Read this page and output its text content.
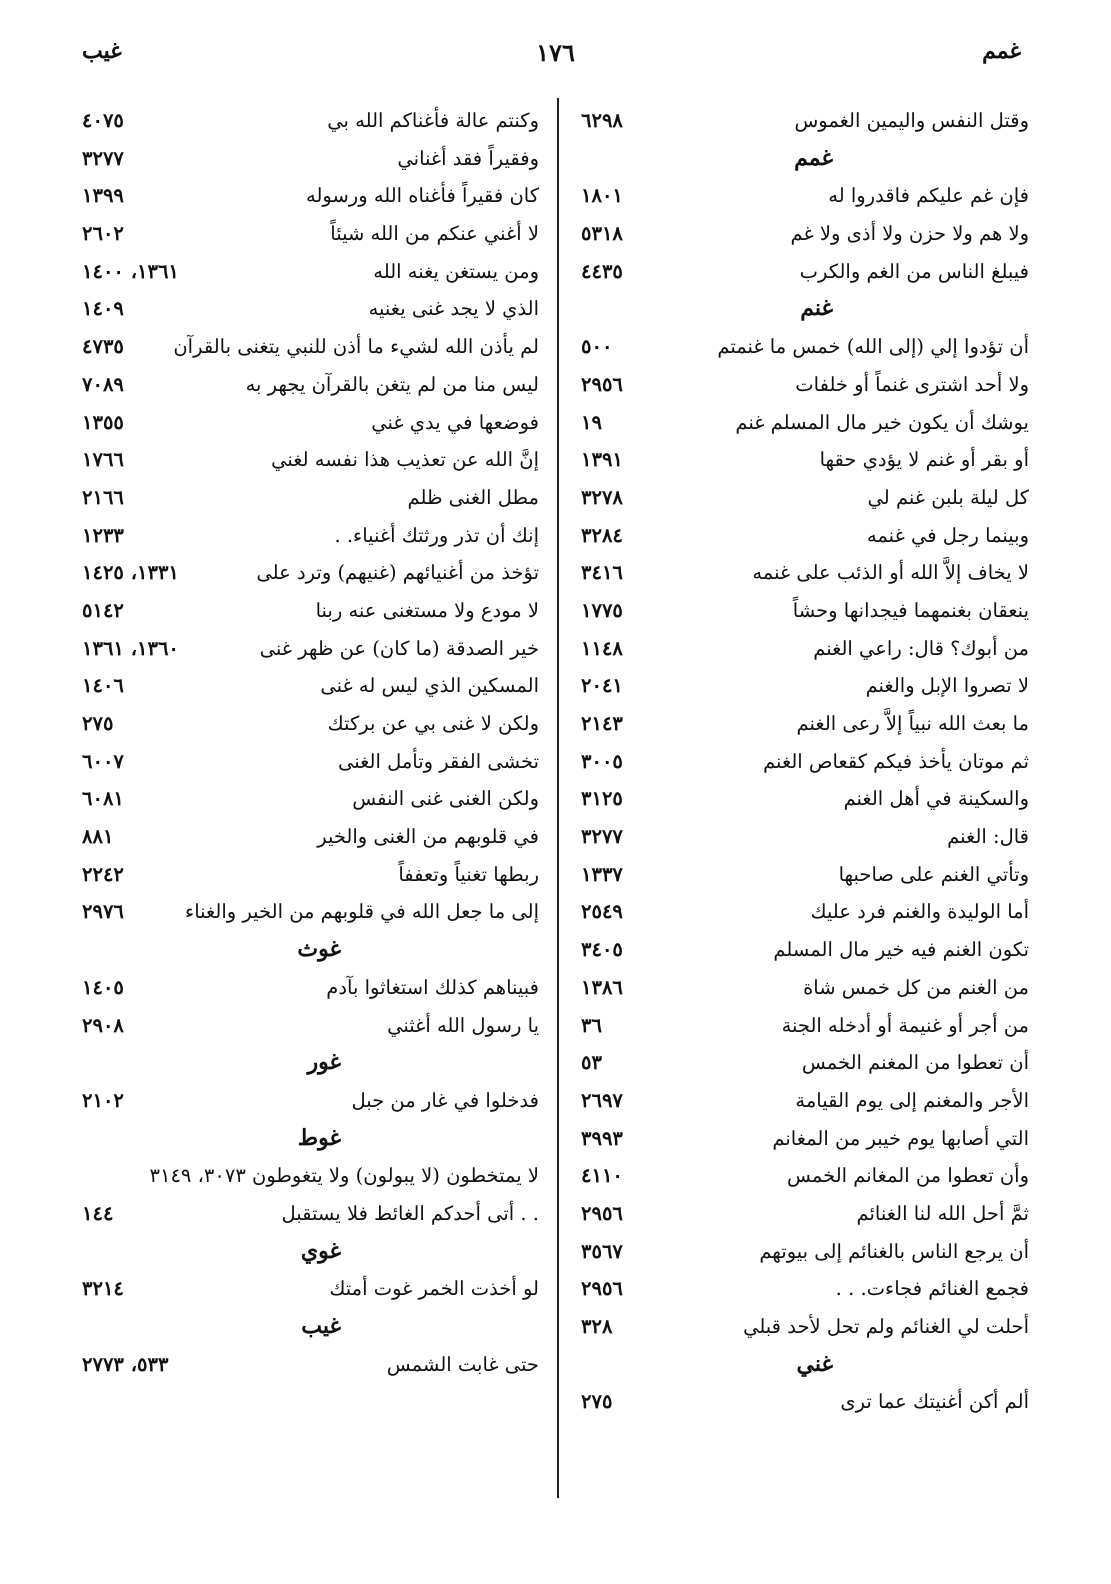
غمم
١٧٦
غيب
وقتل النفس واليمين الغموس
٦٢٩٨
غمم
فإن غم عليكم فاقدروا له
١٨٠١
ولا هم ولا حزن ولا أذى ولا غم
٥٣١٨
فيبلغ الناس من الغم والكرب
٤٤٣٥
غنم
أن تؤدوا إلي (إلى الله) خمس ما غنمتم
٥٠٠
ولا أحد اشترى غنماً أو خلفات
٢٩٥٦
يوشك أن يكون خير مال المسلم غنم
١٩
أو بقر أو غنم لا يؤدي حقها
١٣٩١
كل ليلة بلبن غنم لي
٣٢٧٨
وبينما رجل في غنمه
٣٢٨٤
لا يخاف إلاَّ الله أو الذئب على غنمه
٣٤١٦
ينعقان بغنمهما فيجدانها وحشاً
١٧٧٥
من أبوك؟ قال: راعي الغنم
١١٤٨
لا تصروا الإبل والغنم
٢٠٤١
ما بعث الله نبياً إلاَّ رعى الغنم
٢١٤٣
ثم موتان يأخذ فيكم كقعاص الغنم
٣٠٠٥
والسكينة في أهل الغنم
٣١٢٥
قال: الغنم
٣٢٧٧
وتأتي الغنم على صاحبها
١٣٣٧
أما الوليدة والغنم فرد عليك
٢٥٤٩
تكون الغنم فيه خير مال المسلم
٣٤٠٥
من الغنم من كل خمس شاة
١٣٨٦
من أجر أو غنيمة أو أدخله الجنة
٣٦
أن تعطوا من المغنم الخمس
٥٣
الأجر والمغنم إلى يوم القيامة
٢٦٩٧
التي أصابها يوم خيبر من المغانم
٣٩٩٣
وأن تعطوا من المغانم الخمس
٤١١٠
ثمَّ أحل الله لنا الغنائم
٢٩٥٦
أن يرجع الناس بالغنائم إلى بيوتهم
٣٥٦٧
فجمع الغنائم فجاءت. . .
٢٩٥٦
أحلت لي الغنائم ولم تحل لأحد قبلي
٣٢٨
غني
ألم أكن أغنيتك عما ترى
٢٧٥
وكنتم عالة فأغناكم الله بي
٤٠٧٥
وفقيراً فقد أغناني
٣٢٧٧
كان فقيراً فأغناه الله ورسوله
١٣٩٩
لا أغني عنكم من الله شيئاً
٢٦٠٢
ومن يستغن يغنه الله
١٣٦١، ١٤٠٠
الذي لا يجد غنى يغنيه
١٤٠٩
لم يأذن الله لشيء ما أذن للنبي يتغنى بالقرآن
٤٧٣٥
ليس منا من لم يتغن بالقرآن يجهر به
٧٠٨٩
فوضعها في يدي غني
١٣٥٥
إنَّ الله عن تعذيب هذا نفسه لغني
١٧٦٦
مطل الغنى ظلم
٢١٦٦
إنك أن تذر ورثتك أغنياء. .
١٢٣٣
تؤخذ من أغنيائهم (غنيهم) وترد على
١٣٣١، ١٤٢٥
لا مودع ولا مستغنى عنه ربنا
٥١٤٢
خير الصدقة (ما كان) عن ظهر غنى
١٣٦٠، ١٣٦١
المسكين الذي ليس له غنى
١٤٠٦
ولكن لا غنى بي عن بركتك
٢٧٥
تخشى الفقر وتأمل الغنى
٦٠٠٧
ولكن الغنى غنى النفس
٦٠٨١
في قلوبهم من الغنى والخير
٨٨١
ربطها تغنياً وتعففاً
٢٢٤٢
إلى ما جعل الله في قلوبهم من الخير والغناء
٢٩٧٦
غوث
فبيناهم كذلك استغاثوا بآدم
١٤٠٥
يا رسول الله أغثني
٢٩٠٨
غور
فدخلوا في غار من جبل
٢١٠٢
غوط
لا يمتخطون (لا يبولون) ولا يتغوطون ٣٠٧٣، ٣١٤٩
. . أتى أحدكم الغائط فلا يستقبل
١٤٤
غوي
لو أخذت الخمر غوت أمتك
٣٢١٤
غيب
حتى غابت الشمس
٥٣٣، ٢٧٧٣
